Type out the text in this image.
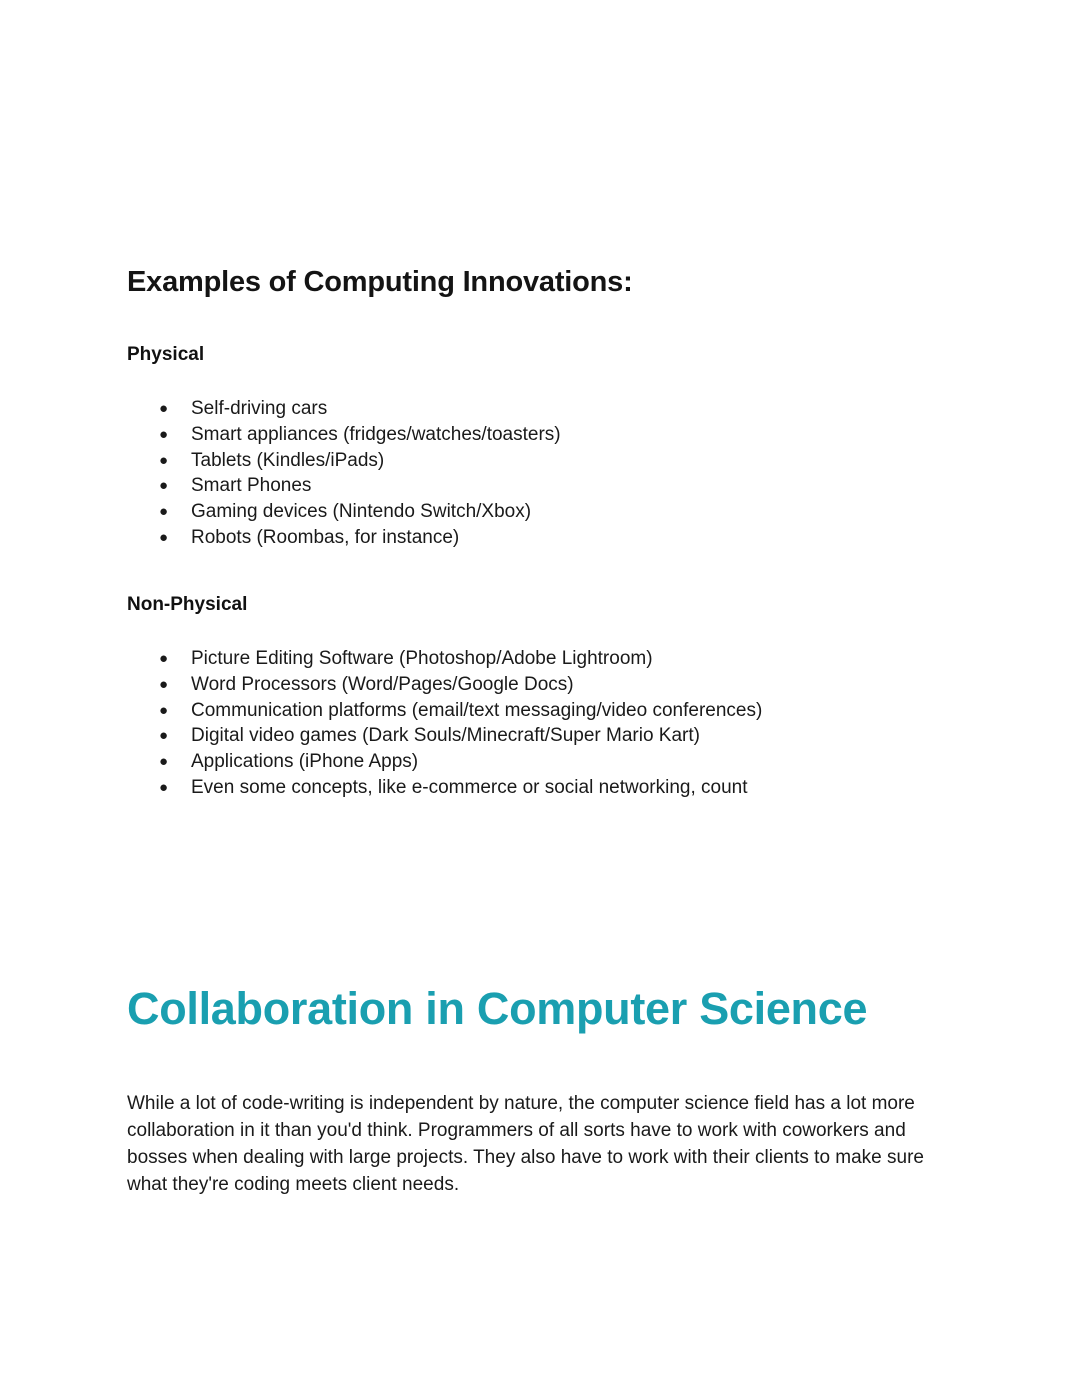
Examples of Computing Innovations:
Physical
● Self-driving cars
● Smart appliances (fridges/watches/toasters)
● Tablets (Kindles/iPads)
● Smart Phones
● Gaming devices (Nintendo Switch/Xbox)
● Robots (Roombas, for instance)
Non-Physical
● Picture Editing Software (Photoshop/Adobe Lightroom)
● Word Processors (Word/Pages/Google Docs)
● Communication platforms (email/text messaging/video conferences)
● Digital video games (Dark Souls/Minecraft/Super Mario Kart)
● Applications (iPhone Apps)
● Even some concepts, like e-commerce or social networking, count
Collaboration in Computer Science

While a lot of code-writing is independent by nature, the computer science field has a lot more collaboration in it than you'd think. Programmers of all sorts have to work with coworkers and bosses when dealing with large projects. They also have to work with their clients to make sure what they're coding meets client needs.
